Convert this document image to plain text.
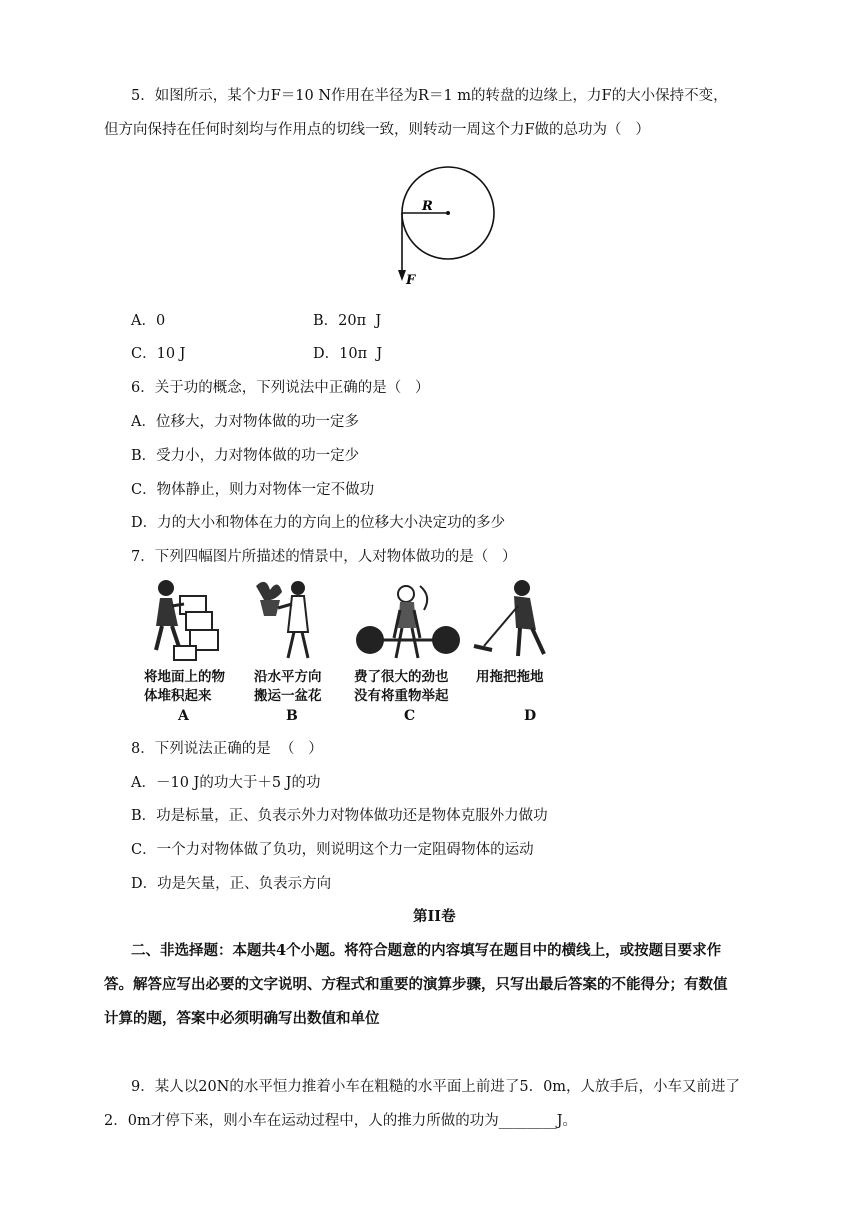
5．如图所示，某个力F＝10 N作用在半径为R＝1 m的转盘的边缘上，力F的大小保持不变，
但方向保持在任何时刻均与作用点的切线一致，则转动一周这个力F做的总功为（   ）
R
F
A．0	B．20π  J
C．10 J	D．10π  J
6．关于功的概念，下列说法中正确的是（   ）
A．位移大，力对物体做的功一定多
B．受力小，力对物体做的功一定少
C．物体静止，则力对物体一定不做功
D．力的大小和物体在力的方向上的位移大小决定功的多少
7．下列四幅图片所描述的情景中，人对物体做功的是（   ）
将地面上的物
体堆积起来
A
沿水平方向
搬运一盆花
B
费了很大的劲也
没有将重物举起
C
用拖把拖地
D
8．下列说法正确的是  （   ）
A．－10 J的功大于＋5 J的功
B．功是标量，正、负表示外力对物体做功还是物体克服外力做功
C．一个力对物体做了负功，则说明这个力一定阻碍物体的运动
D．功是矢量，正、负表示方向
第II卷
二、非选择题：本题共4个小题。将符合题意的内容填写在题目中的横线上，或按题目要求作
答。解答应写出必要的文字说明、方程式和重要的演算步骤，只写出最后答案的不能得分；有数值
计算的题，答案中必须明确写出数值和单位
9．某人以20N的水平恒力推着小车在粗糙的水平面上前进了5．0m，人放手后，小车又前进了
2．0m才停下来，则小车在运动过程中，人的推力所做的功为________J。
